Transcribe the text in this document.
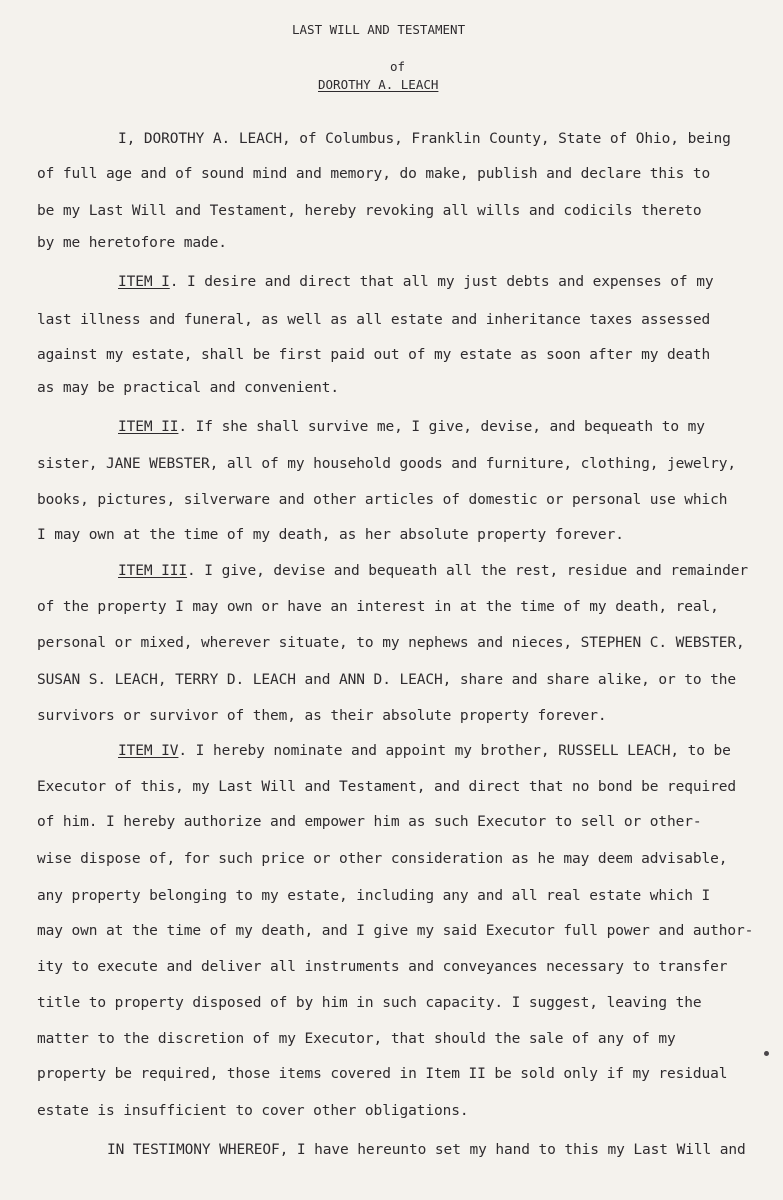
LAST WILL AND TESTAMENT
of
DOROTHY A. LEACH
I, DOROTHY A. LEACH, of Columbus, Franklin County, State of Ohio, being
of full age and of sound mind and memory, do make, publish and declare this to
be my Last Will and Testament, hereby revoking all wills and codicils thereto
by me heretofore made.
ITEM I. I desire and direct that all my just debts and expenses of my
last illness and funeral, as well as all estate and inheritance taxes assessed
against my estate, shall be first paid out of my estate as soon after my death
as may be practical and convenient.
ITEM II. If she shall survive me, I give, devise, and bequeath to my
sister, JANE WEBSTER, all of my household goods and furniture, clothing, jewelry,
books, pictures, silverware and other articles of domestic or personal use which
I may own at the time of my death, as her absolute property forever.
ITEM III. I give, devise and bequeath all the rest, residue and remainder
of the property I may own or have an interest in at the time of my death, real,
personal or mixed, wherever situate, to my nephews and nieces, STEPHEN C. WEBSTER,
SUSAN S. LEACH, TERRY D. LEACH and ANN D. LEACH, share and share alike, or to the
survivors or survivor of them, as their absolute property forever.
ITEM IV. I hereby nominate and appoint my brother, RUSSELL LEACH, to be
Executor of this, my Last Will and Testament, and direct that no bond be required
of him. I hereby authorize and empower him as such Executor to sell or other-
wise dispose of, for such price or other consideration as he may deem advisable,
any property belonging to my estate, including any and all real estate which I
may own at the time of my death, and I give my said Executor full power and author-
ity to execute and deliver all instruments and conveyances necessary to transfer
title to property disposed of by him in such capacity. I suggest, leaving the
matter to the discretion of my Executor, that should the sale of any of my
property be required, those items covered in Item II be sold only if my residual
estate is insufficient to cover other obligations.
IN TESTIMONY WHEREOF, I have hereunto set my hand to this my Last Will and
